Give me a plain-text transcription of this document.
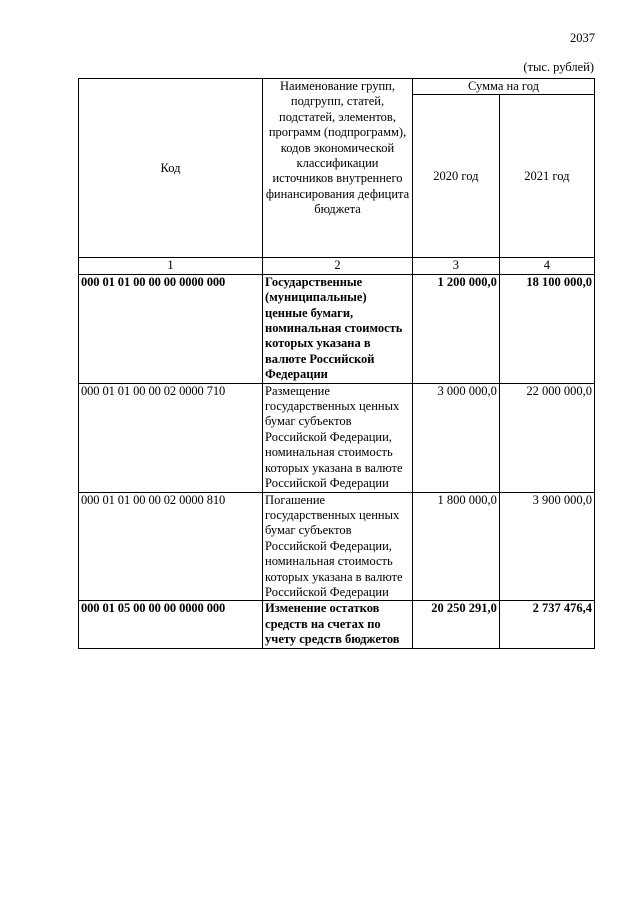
2037
(тыс. рублей)
Код	Наименование групп, подгрупп, статей, подстатей, элементов, программ (подпрограмм), кодов экономической классификации источников внутреннего финансирования дефицита бюджета	Сумма на год	
		2020 год	2021 год
1	2	3	4
000 01 01 00 00 00 0000 000	Государственные (муниципальные) ценные бумаги, номинальная стоимость которых указана в валюте Российской Федерации	1 200 000,0	18 100 000,0
000 01 01 00 00 02 0000 710	Размещение государственных ценных бумаг субъектов Российской Федерации, номинальная стоимость которых указана в валюте Российской Федерации	3 000 000,0	22 000 000,0
000 01 01 00 00 02 0000 810	Погашение государственных ценных бумаг субъектов Российской Федерации, номинальная стоимость которых указана в валюте Российской Федерации	1 800 000,0	3 900 000,0
000 01 05 00 00 00 0000 000	Изменение остатков средств на счетах по учету средств бюджетов	20 250 291,0	2 737 476,4
